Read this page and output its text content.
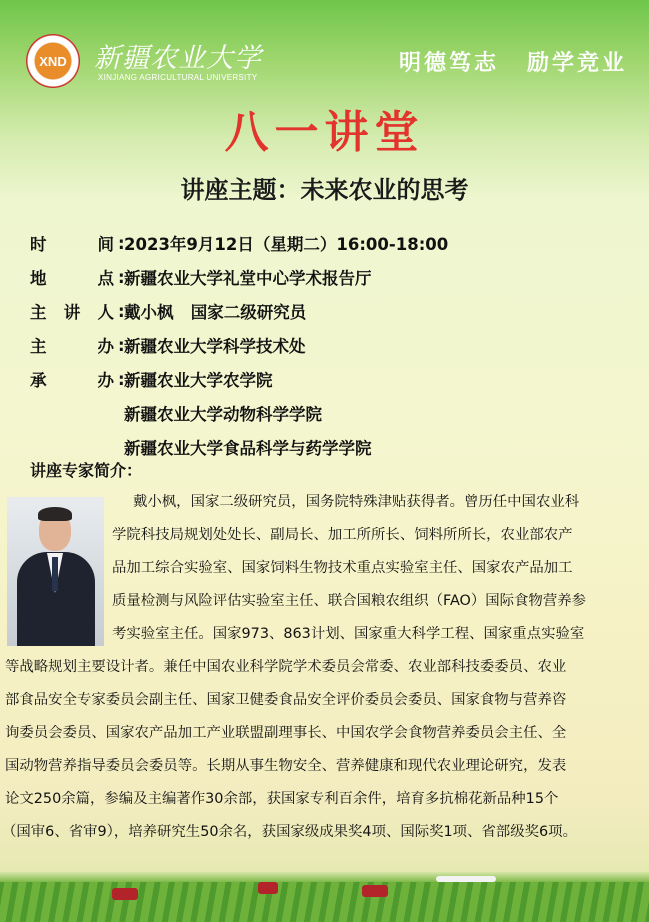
XND 新疆农业大学
XINJIANG AGRICULTURAL UNIVERSITY
明德笃志 励学竞业
八一讲堂
讲座主题：未来农业的思考
时	间 : 2023年9月12日（星期二）16:00-18:00
地	点 : 新疆农业大学礼堂中心学术报告厅
主 讲 人 : 戴小枫   国家二级研究员
主	办 : 新疆农业大学科学技术处
承	办 : 新疆农业大学农学院
新疆农业大学动物科学学院
新疆农业大学食品科学与药学学院
讲座专家简介：
戴小枫，国家二级研究员，国务院特殊津贴获得者。曾历任中国农业科
学院科技局规划处处长、副局长、加工所所长、饲料所所长，农业部农产
品加工综合实验室、国家饲料生物技术重点实验室主任、国家农产品加工
质量检测与风险评估实验室主任、联合国粮农组织（FAO）国际食物营养参
考实验室主任。国家973、863计划、国家重大科学工程、国家重点实验室
等战略规划主要设计者。兼任中国农业科学院学术委员会常委、农业部科技委委员、农业
部食品安全专家委员会副主任、国家卫健委食品安全评价委员会委员、国家食物与营养咨
询委员会委员、国家农产品加工产业联盟副理事长、中国农学会食物营养委员会主任、全
国动物营养指导委员会委员等。长期从事生物安全、营养健康和现代农业理论研究，发表
论文250余篇，参编及主编著作30余部，获国家专利百余件，培育多抗棉花新品种15个
（国审6、省审9），培养研究生50余名，获国家级成果奖4项、国际奖1项、省部级奖6项。
